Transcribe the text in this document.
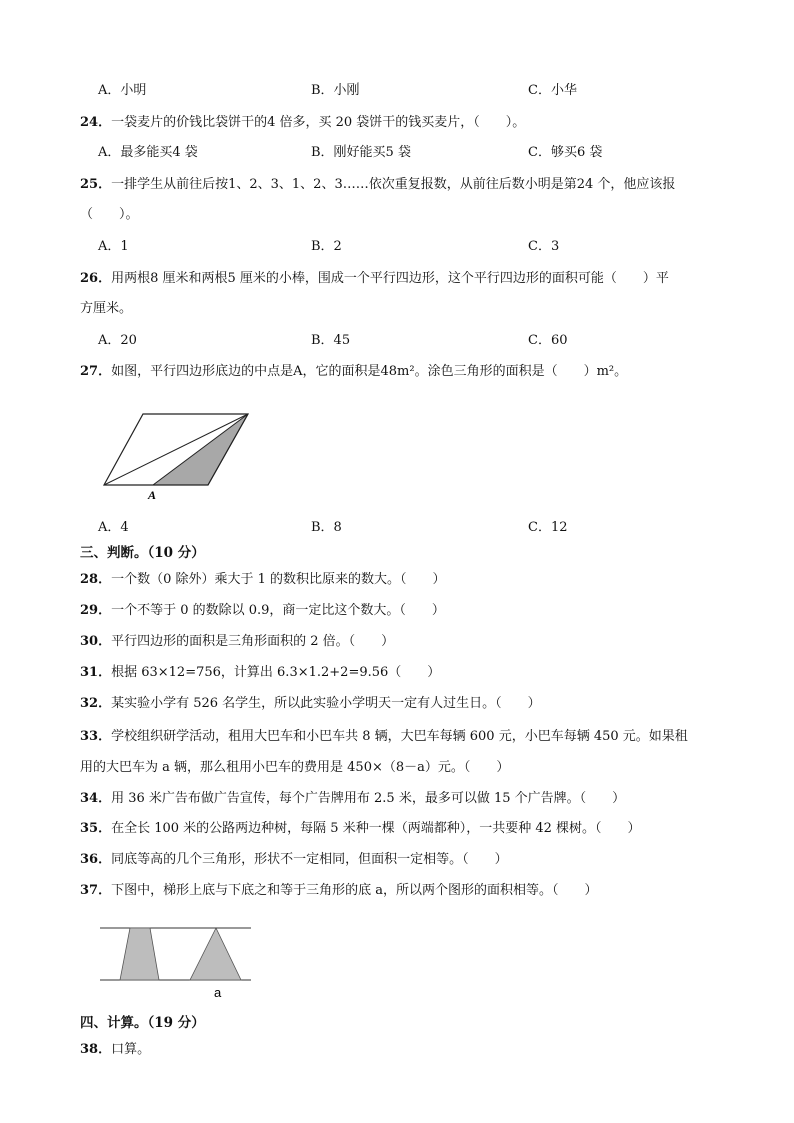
A．小明	B．小刚	C．小华
24．一袋麦片的价钱比袋饼干的4 倍多，买 20 袋饼干的钱买麦片，（　　）。
A．最多能买4 袋	B．刚好能买5 袋	C．够买6 袋
25．一排学生从前往后按1、2、3、1、2、3……依次重复报数，从前往后数小明是第24 个，他应该报
（　　）。
A．1	B．2	C．3
26．用两根8 厘米和两根5 厘米的小棒，围成一个平行四边形，这个平行四边形的面积可能（　　）平
方厘米。
A．20	B．45	C．60
27．如图，平行四边形底边的中点是A，它的面积是48m²。涂色三角形的面积是（　　）m²。
A
A．4	B．8	C．12
三、判断。（10 分）
28．一个数（0 除外）乘大于 1 的数积比原来的数大。（　　）
29．一个不等于 0 的数除以 0.9，商一定比这个数大。（　　）
30．平行四边形的面积是三角形面积的 2 倍。（　　）
31．根据 63×12=756，计算出 6.3×1.2+2=9.56（　　）
32．某实验小学有 526 名学生，所以此实验小学明天一定有人过生日。（　　）
33．学校组织研学活动，租用大巴车和小巴车共 8 辆，大巴车每辆 600 元，小巴车每辆 450 元。如果租
用的大巴车为 a 辆，那么租用小巴车的费用是 450×（8－a）元。（　　）
34．用 36 米广告布做广告宣传，每个广告牌用布 2.5 米，最多可以做 15 个广告牌。（　　）
35．在全长 100 米的公路两边种树，每隔 5 米种一棵（两端都种），一共要种 42 棵树。（　　）
36．同底等高的几个三角形，形状不一定相同，但面积一定相等。（　　）
37．下图中，梯形上底与下底之和等于三角形的底 a，所以两个图形的面积相等。（　　）
a
四、计算。（19 分）
38．口算。
